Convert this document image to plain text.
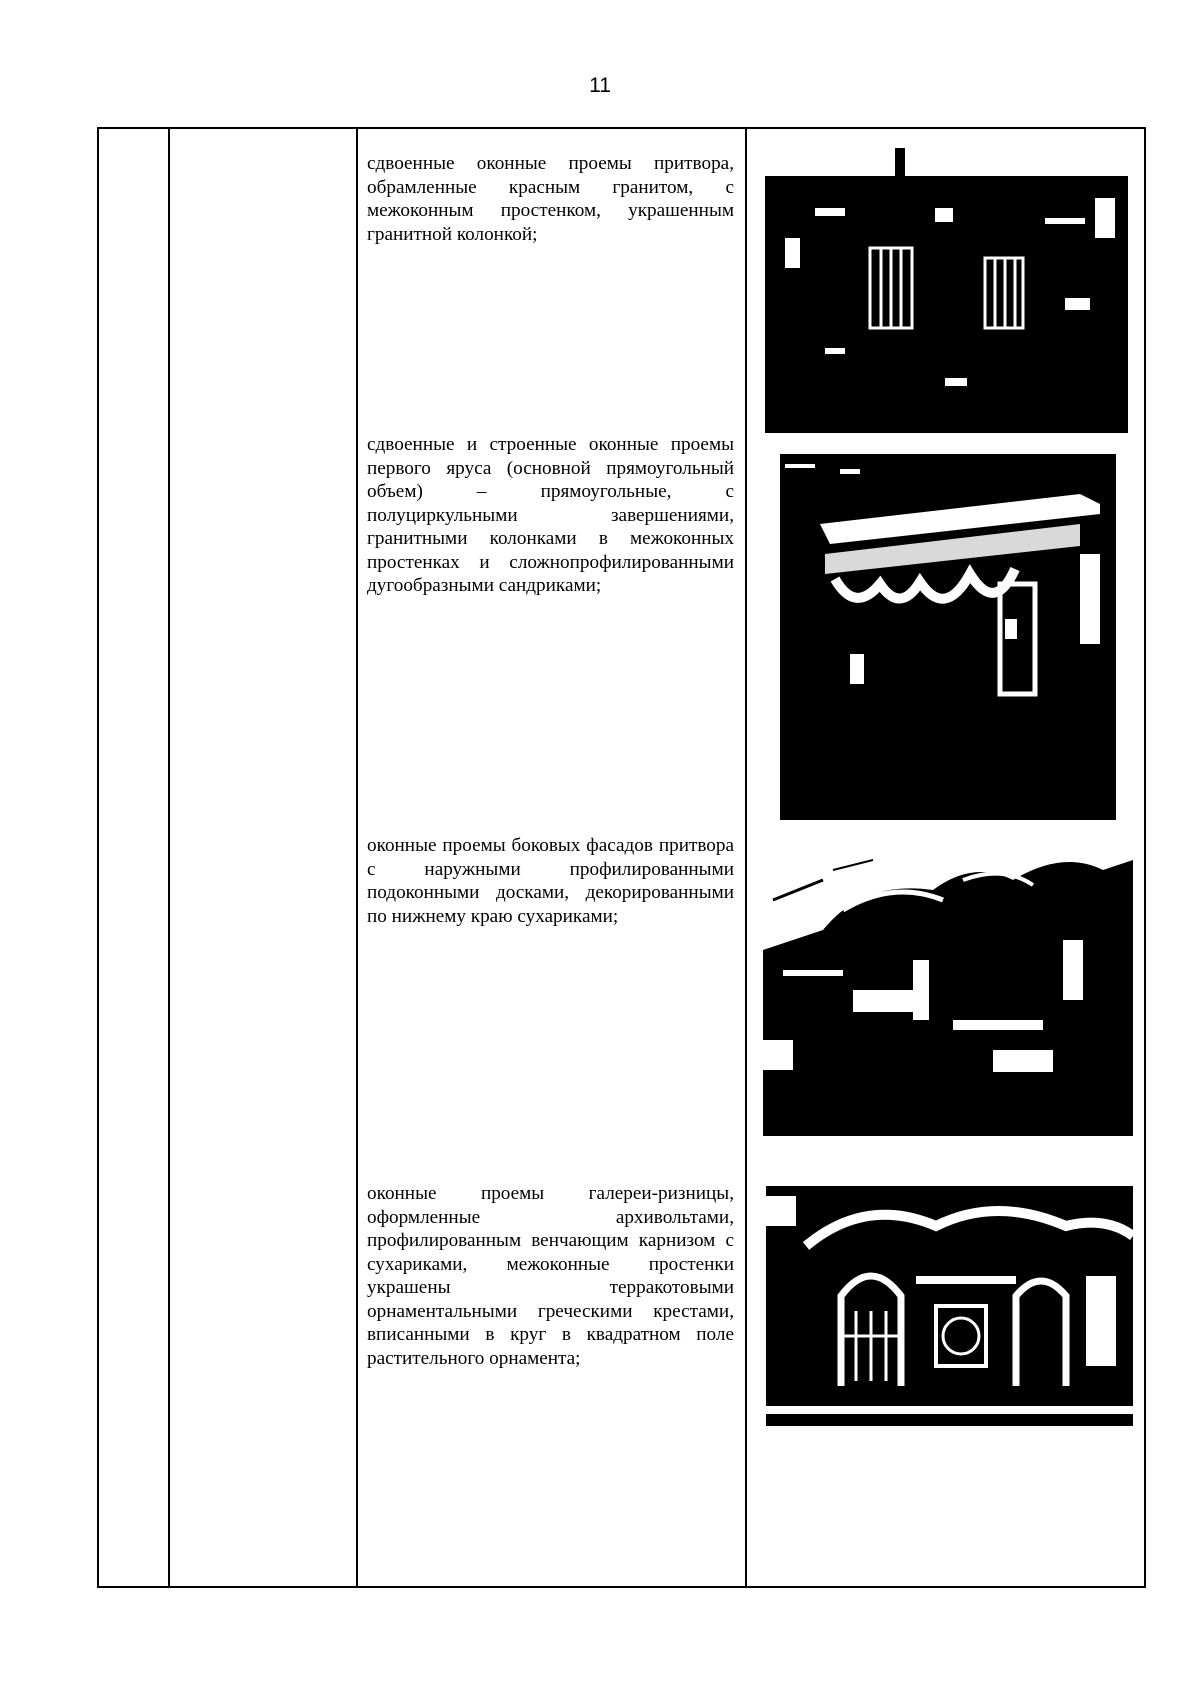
11
сдвоенные оконные проемы притвора, обрамленные красным гранитом, с межоконным простенком, украшенным гранитной колонкой;
сдвоенные и строенные оконные проемы первого яруса (основной прямоугольный объем) – прямоугольные, с полуциркульными завершениями, гранитными колонками в межоконных простенках и сложнопрофилированными дугообразными сандриками;
оконные проемы боковых фасадов притвора с наружными профилированными подоконными досками, декорированными по нижнему краю сухариками;
оконные проемы галереи-ризницы, оформленные архивольтами, профилированным венчающим карнизом с сухариками, межоконные простенки украшены терракотовыми орнаментальными греческими крестами, вписанными в круг в квадратном поле растительного орнамента;
